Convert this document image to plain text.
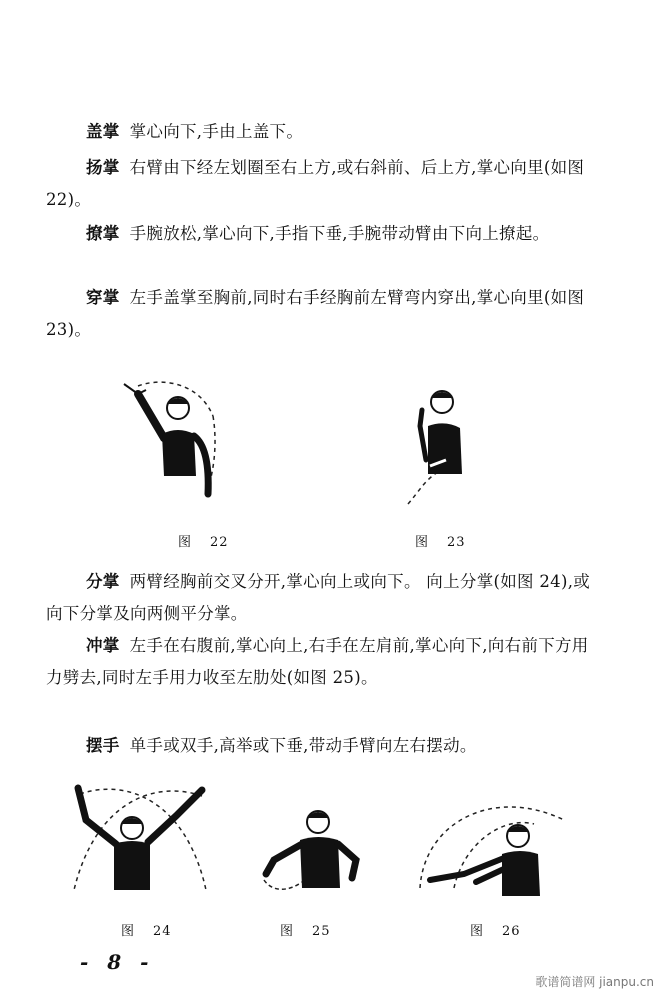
盖掌 掌心向下,手由上盖下。
扬掌 右臂由下经左划圈至右上方,或右斜前、后上方,掌心向里(如图 22)。
撩掌 手腕放松,掌心向下,手指下垂,手腕带动臂由下向上撩起。
穿掌 左手盖掌至胸前,同时右手经胸前左臂弯内穿出,掌心向里(如图 23)。
图 22	图 23
分掌 两臂经胸前交叉分开,掌心向上或向下。 向上分掌(如图 24),或向下分掌及向两侧平分掌。
冲掌 左手在右腹前,掌心向上,右手在左肩前,掌心向下,向右前下方用力劈去,同时左手用力收至左肋处(如图 25)。
摆手 单手或双手,高举或下垂,带动手臂向左右摆动。
图 24	图 25	图 26
- 8 -
歌谱简谱网 jianpu.cn
